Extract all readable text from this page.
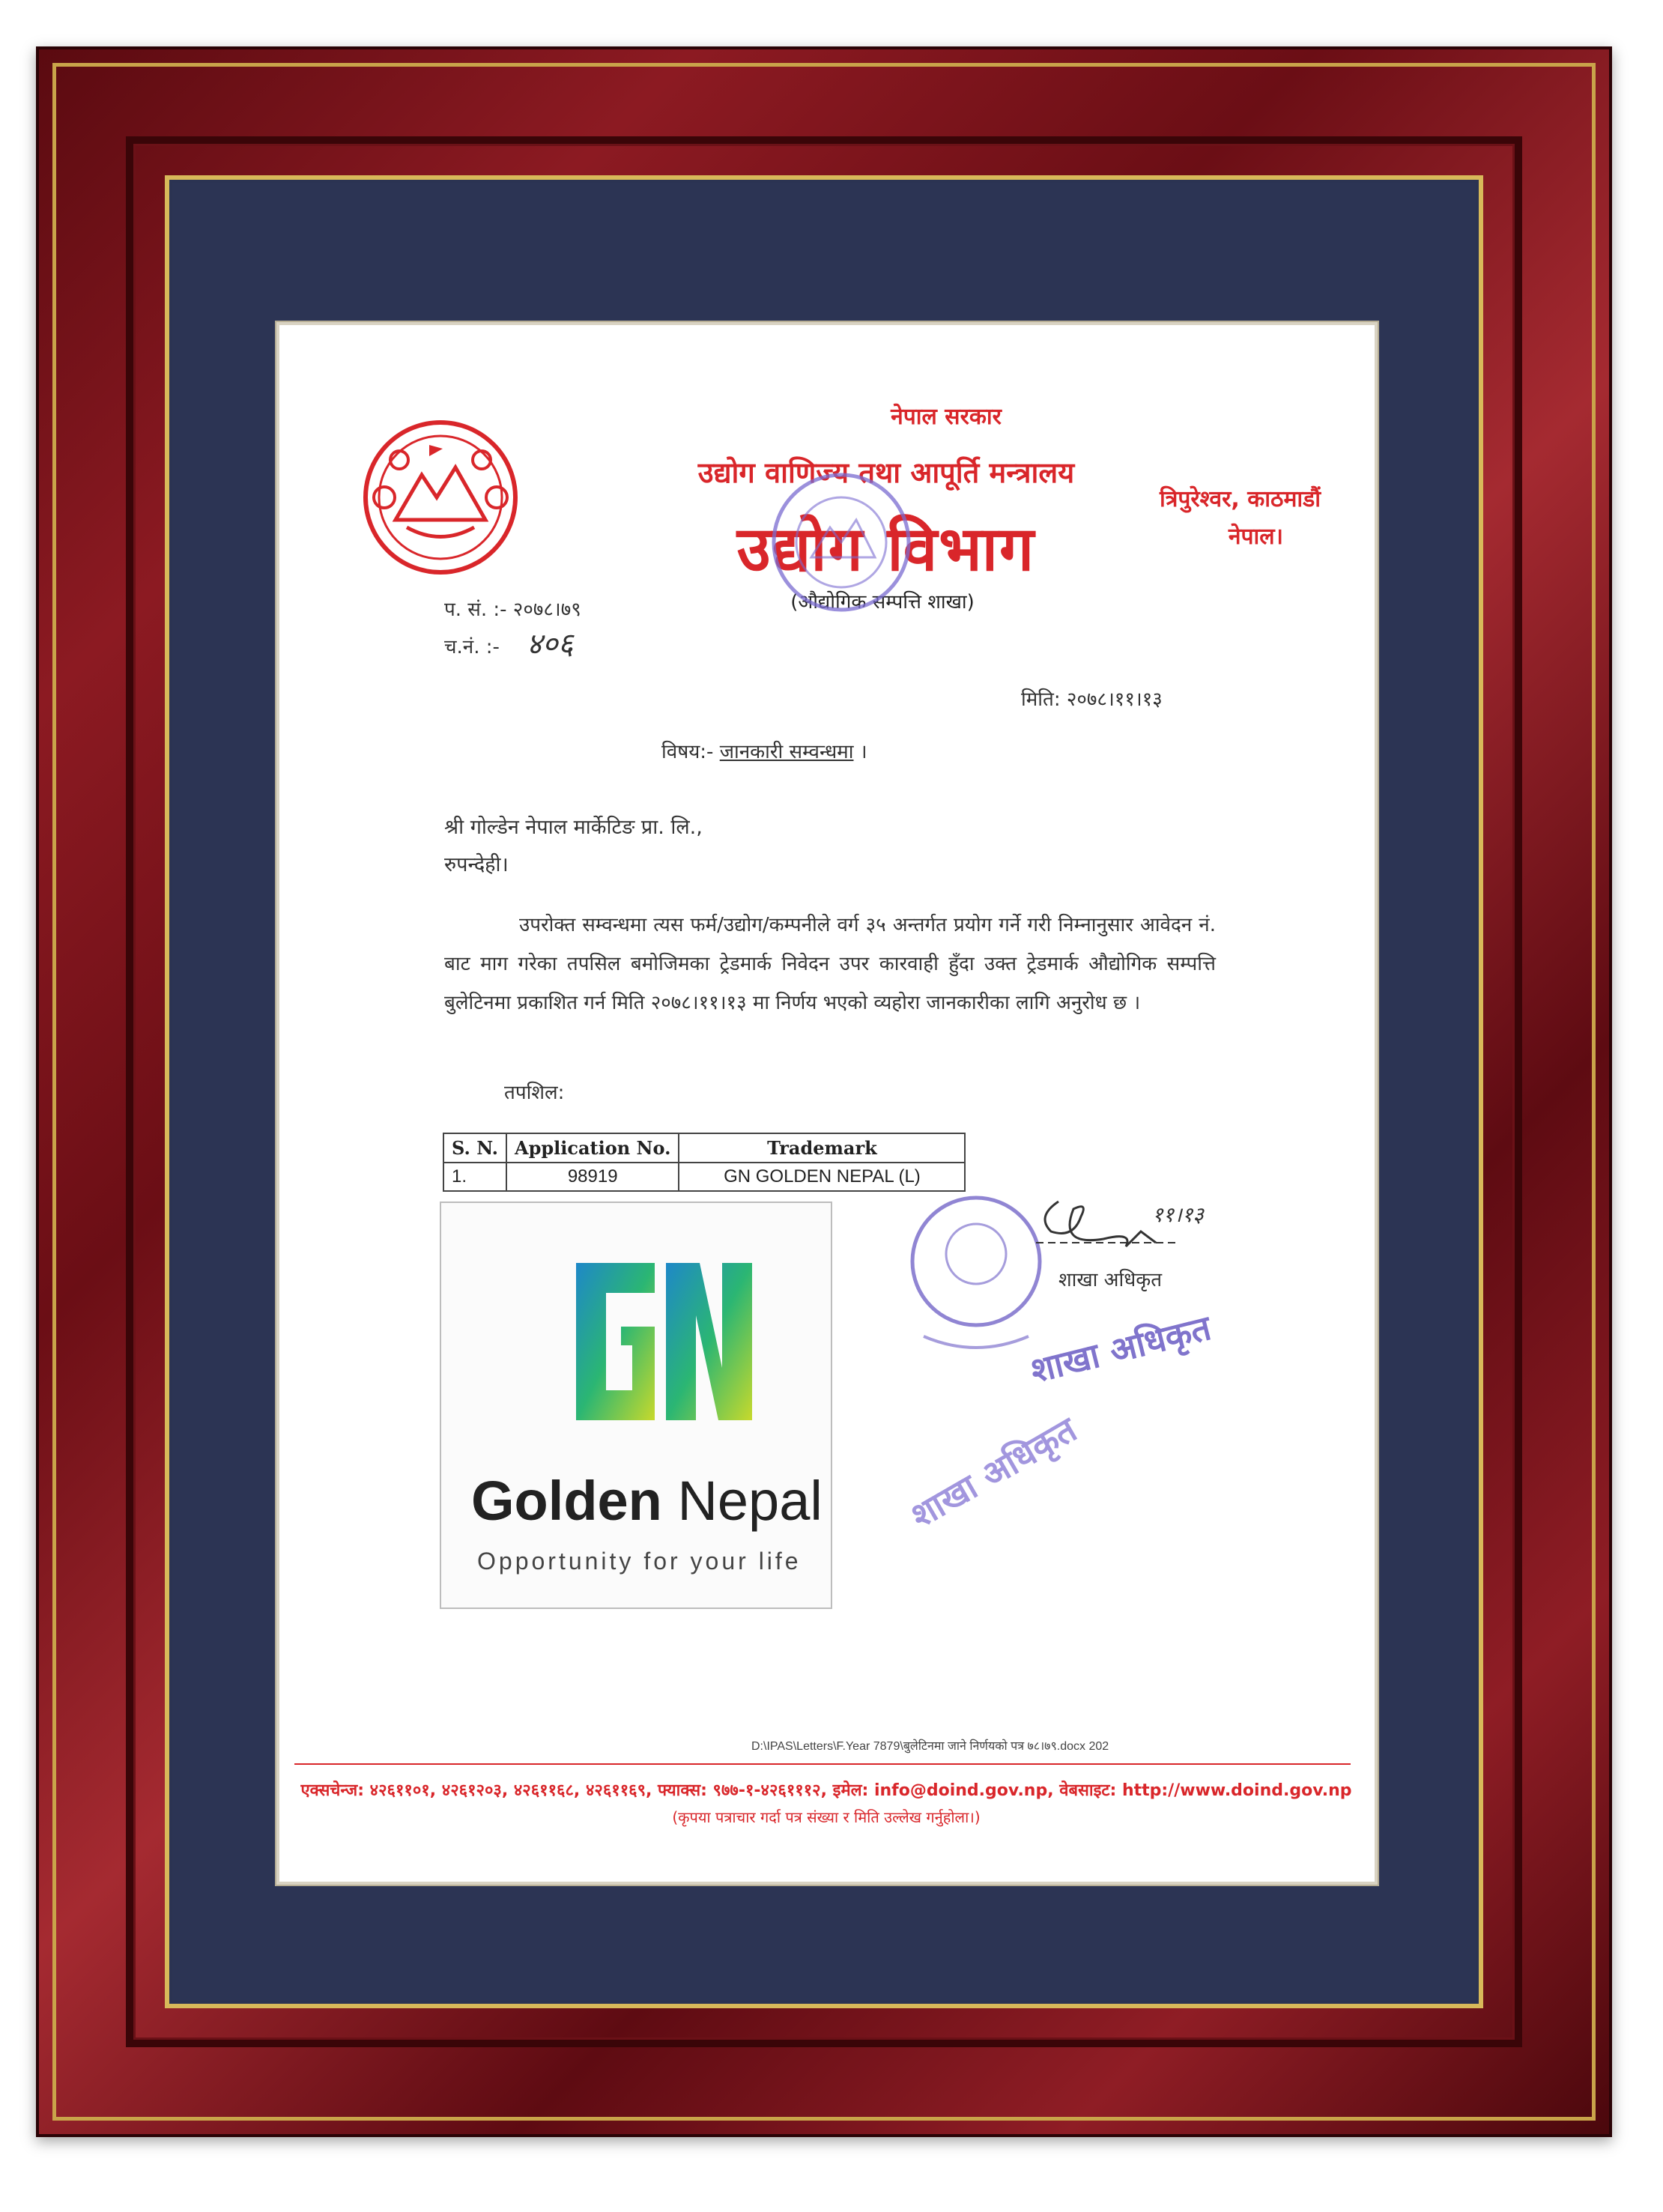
नेपाल सरकार
उद्योग वाणिज्य तथा आपूर्ति मन्त्रालय
उद्योग विभाग
(औद्योगिक सम्पत्ति शाखा)
त्रिपुरेश्वर, काठमाडौं
नेपाल।
प. सं. :- २०७८।७९
च.नं. :- ४०६
मिति: २०७८।११।१३
विषय:- जानकारी सम्वन्धमा ।
श्री गोल्डेन नेपाल मार्केटिङ प्रा. लि.,
रुपन्देही।
उपरोक्त सम्वन्धमा त्यस फर्म/उद्योग/कम्पनीले वर्ग ३५ अन्तर्गत प्रयोग गर्ने गरी निम्नानुसार आवेदन नं. बाट माग गरेका तपसिल बमोजिमका ट्रेडमार्क निवेदन उपर कारवाही हुँदा उक्त ट्रेडमार्क औद्योगिक सम्पत्ति बुलेटिनमा प्रकाशित गर्न मिति २०७८।११।१३ मा निर्णय भएको व्यहोरा जानकारीका लागि अनुरोध छ ।
तपशिल:
S. N.	Application No.	Trademark
1.	98919	GN GOLDEN NEPAL (L)
Golden Nepal
Opportunity for your life
शाखा अधिकृत
११।१३
शाखा अधिकृत
शाखा अधिकृत
D:\IPAS\Letters\F.Year 7879\बुलेटिनमा जाने निर्णयको पत्र ७८।७९.docx 202
एक्सचेन्ज: ४२६११०१, ४२६१२०३, ४२६११६८, ४२६११६९, फ्याक्स: ९७७-१-४२६१११२, इमेल: info@doind.gov.np, वेबसाइट: http://www.doind.gov.np
(कृपया पत्राचार गर्दा पत्र संख्या र मिति उल्लेख गर्नुहोला।)
